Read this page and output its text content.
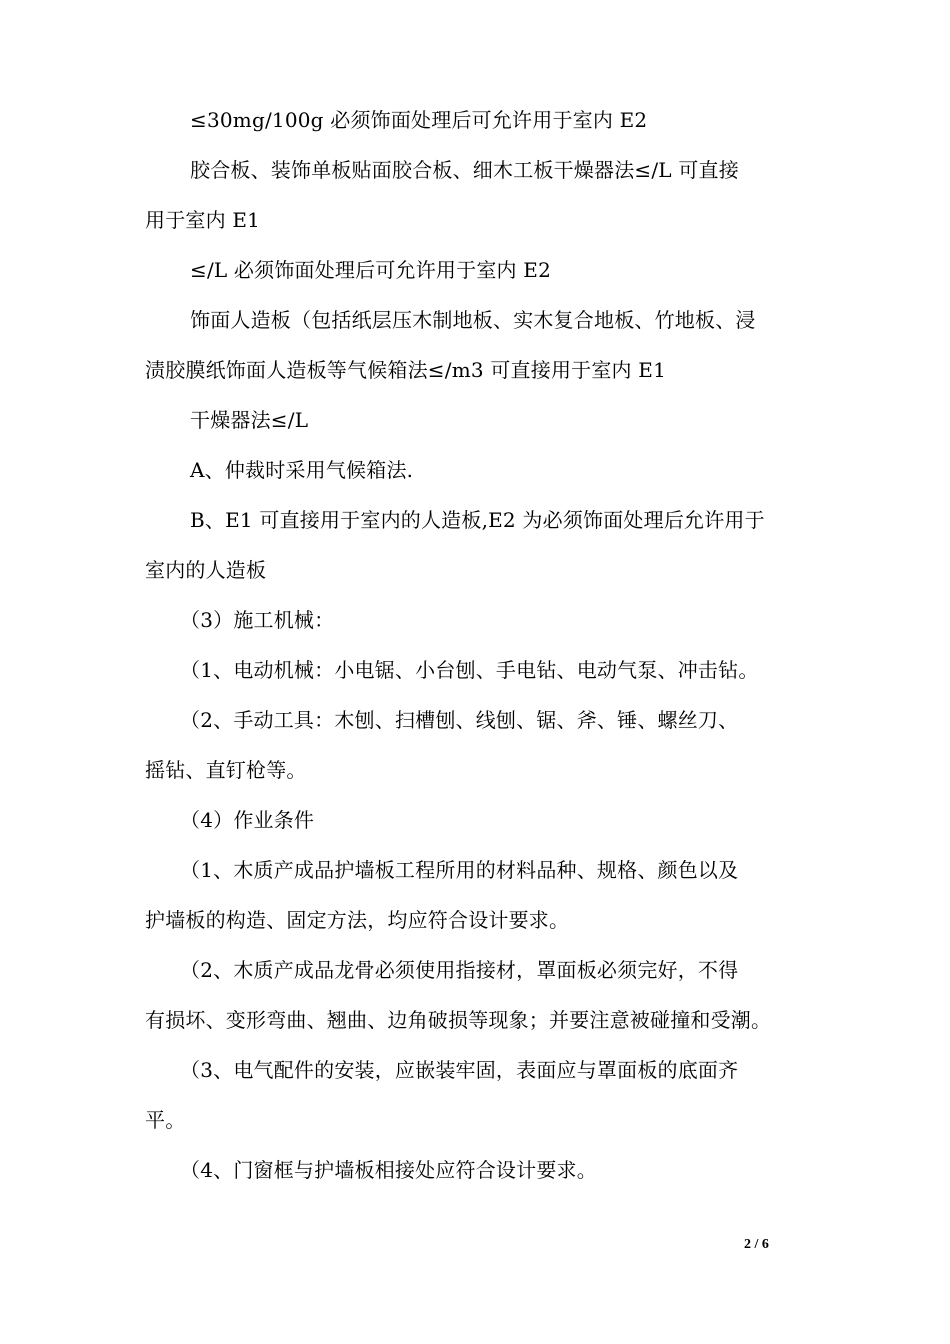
≤30mg/100g 必须饰面处理后可允许用于室内 E2
胶合板、装饰单板贴面胶合板、细木工板干燥器法≤/L 可直接
用于室内 E1
≤/L 必须饰面处理后可允许用于室内 E2
饰面人造板（包括纸层压木制地板、实木复合地板、竹地板、浸
渍胶膜纸饰面人造板等气候箱法≤/m3 可直接用于室内 E1
干燥器法≤/L
A、仲裁时采用气候箱法.
B、E1 可直接用于室内的人造板,E2 为必须饰面处理后允许用于
室内的人造板
（3）施工机械：
（1、电动机械：小电锯、小台刨、手电钻、电动气泵、冲击钻。
（2、手动工具：木刨、扫槽刨、线刨、锯、斧、锤、螺丝刀、
摇钻、直钉枪等。
（4）作业条件
（1、木质产成品护墙板工程所用的材料品种、规格、颜色以及
护墙板的构造、固定方法，均应符合设计要求。
（2、木质产成品龙骨必须使用指接材，罩面板必须完好，不得
有损坏、变形弯曲、翘曲、边角破损等现象；并要注意被碰撞和受潮。
（3、电气配件的安装，应嵌装牢固，表面应与罩面板的底面齐
平。
（4、门窗框与护墙板相接处应符合设计要求。
2 / 6
